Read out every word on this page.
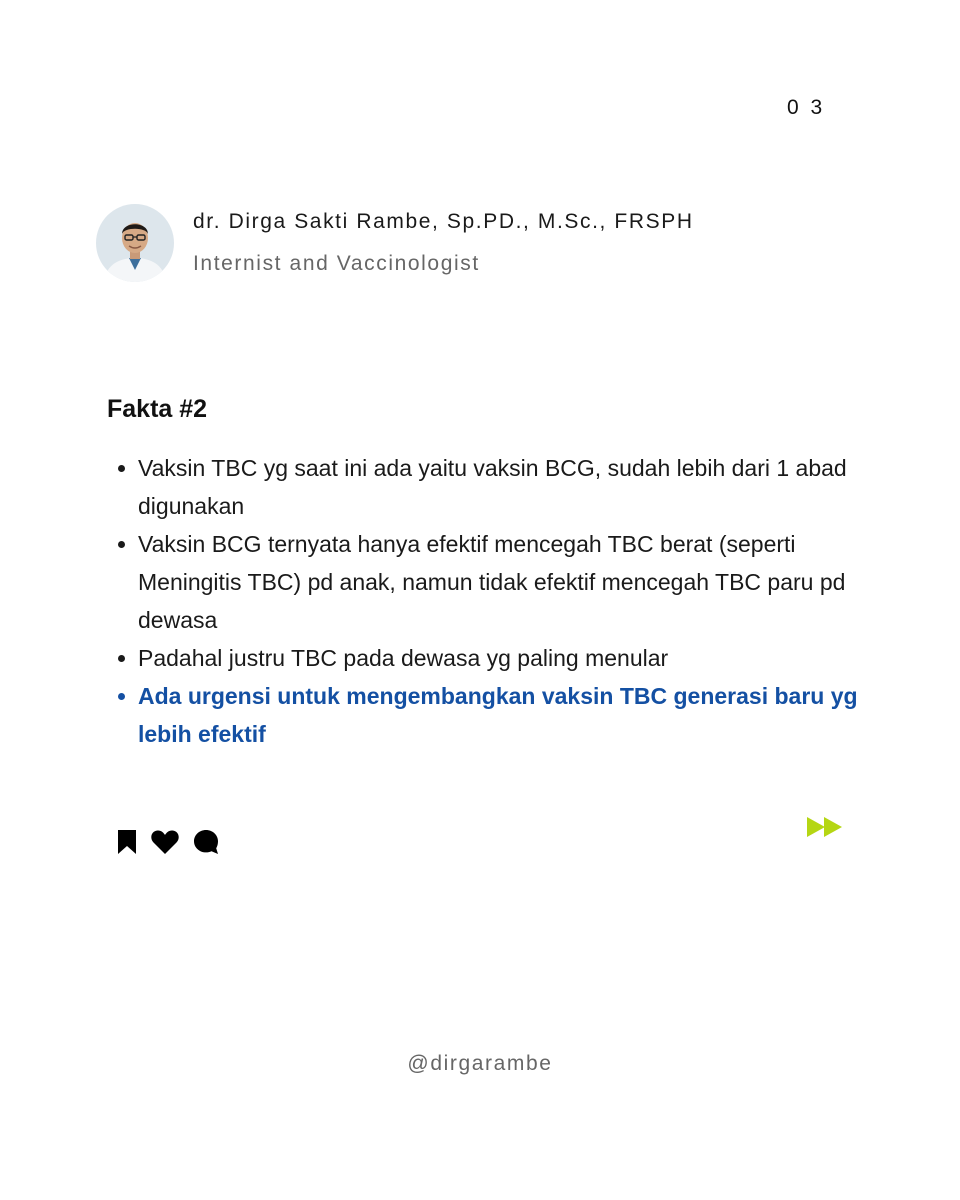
0 3
dr. Dirga Sakti Rambe, Sp.PD., M.Sc., FRSPH
Internist and Vaccinologist
Fakta #2
Vaksin TBC yg saat ini ada yaitu vaksin BCG, sudah lebih dari 1 abad digunakan
Vaksin BCG ternyata hanya efektif mencegah TBC berat (seperti Meningitis TBC) pd anak, namun tidak efektif mencegah TBC paru pd dewasa
Padahal justru TBC pada dewasa yg paling menular
Ada urgensi untuk mengembangkan vaksin TBC generasi baru yg lebih efektif
@dirgarambe
